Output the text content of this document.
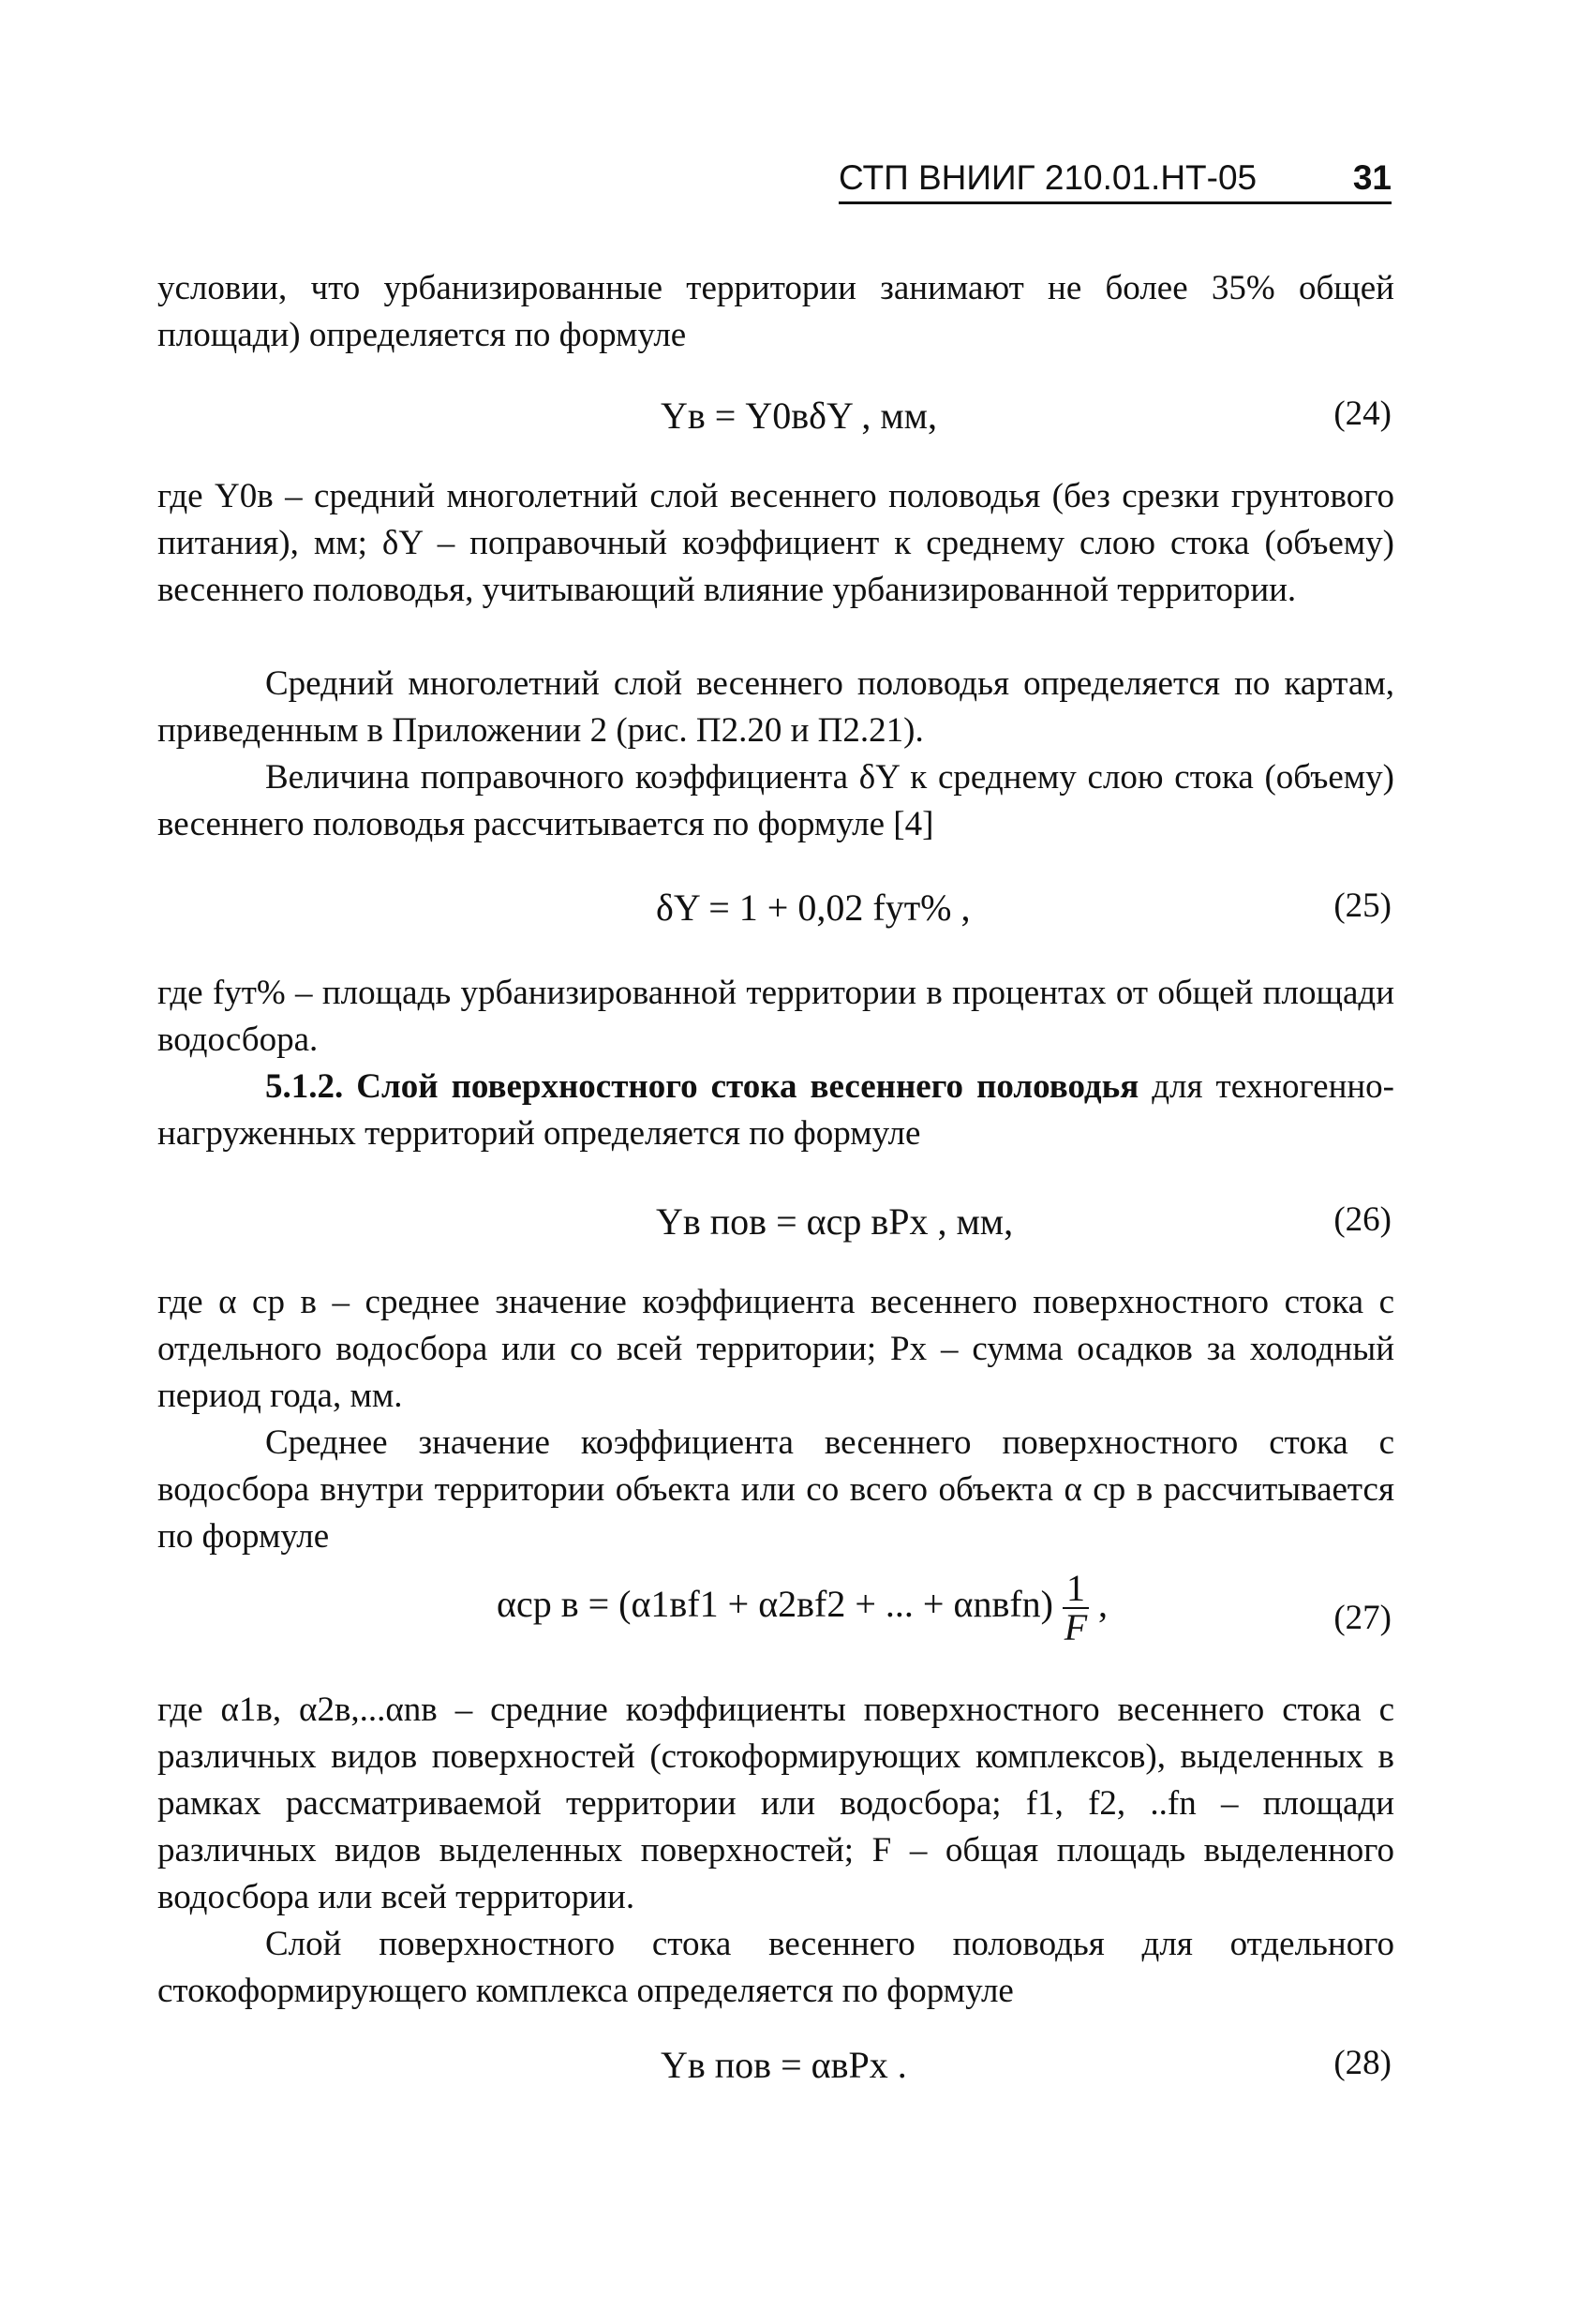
СТП ВНИИГ 210.01.НТ-05	31

условии, что урбанизированные территории занимают не более 35% общей площади) определяется по формуле

Yв = Y0вδY , мм,	(24)

где Y0в – средний многолетний слой весеннего половодья (без срезки грунтового питания), мм; δY – поправочный коэффициент к среднему слою стока (объему) весеннего половодья, учитывающий влияние урбанизированной территории.

Средний многолетний слой весеннего половодья определяется по картам, приведенным в Приложении 2 (рис. П2.20 и П2.21).

Величина поправочного коэффициента δY к среднему слою стока (объему) весеннего половодья рассчитывается по формуле [4]

δY = 1 + 0,02 fут% ,	(25)

где fут% – площадь урбанизированной территории в процентах от общей площади водосбора.

5.1.2. Слой поверхностного стока весеннего половодья для техногенно-нагруженных территорий определяется по формуле

Yв пов = αср вPx , мм,	(26)

где α ср в – среднее значение коэффициента весеннего поверхностного стока с отдельного водосбора или со всей территории; Px – сумма осадков за холодный период года, мм.

Среднее значение коэффициента весеннего поверхностного стока с водосбора внутри территории объекта или со всего объекта α ср в рассчитывается по формуле

αср в = (α1вf1 + α2вf2 + ... + αnвfn) $\frac{1}{F}$ ,	(27)

где α1в, α2в,...αnв – средние коэффициенты поверхностного весеннего стока с различных видов поверхностей (стокоформирующих комплексов), выделенных в рамках рассматриваемой территории или водосбора; f1, f2, ..fn – площади различных видов выделенных поверхностей; F – общая площадь выделенного водосбора или всей территории.

Слой поверхностного стока весеннего половодья для отдельного стокоформирующего комплекса определяется по формуле

Yв пов = αвPx .	(28)
